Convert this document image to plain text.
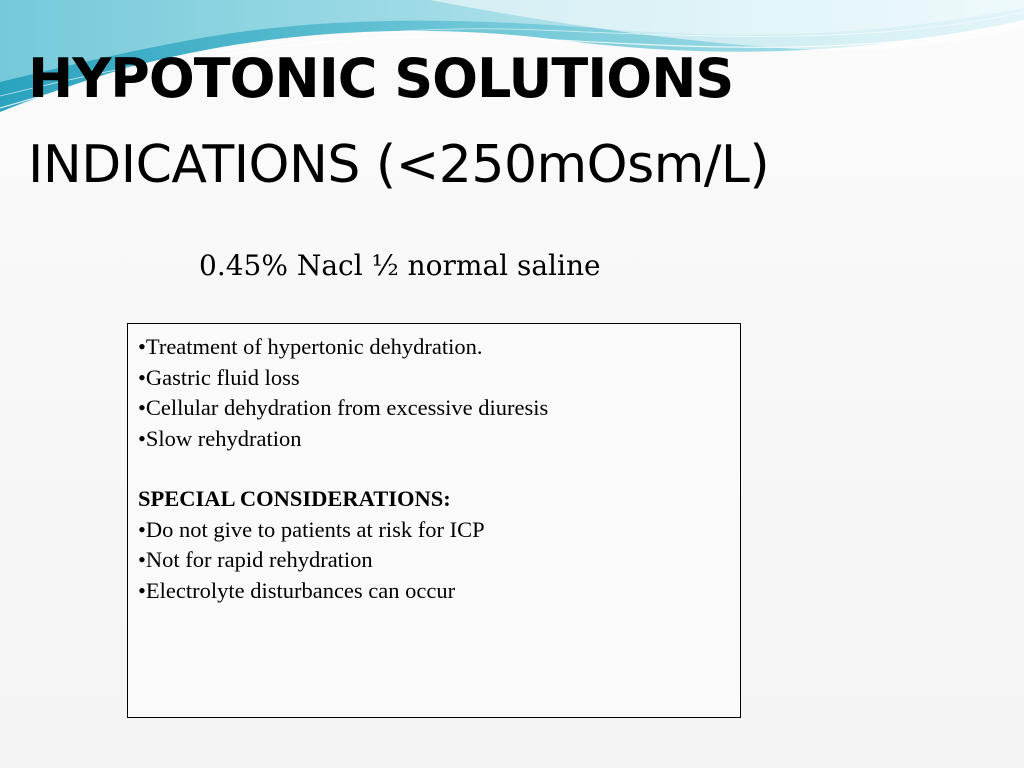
HYPOTONIC SOLUTIONS
INDICATIONS (<250mOsm/L)

0.45% Nacl ½ normal saline

•Treatment of hypertonic dehydration.
•Gastric fluid loss
•Cellular dehydration from excessive diuresis
•Slow rehydration
SPECIAL CONSIDERATIONS:
•Do not give to patients at risk for ICP
•Not for rapid rehydration
•Electrolyte disturbances can occur
